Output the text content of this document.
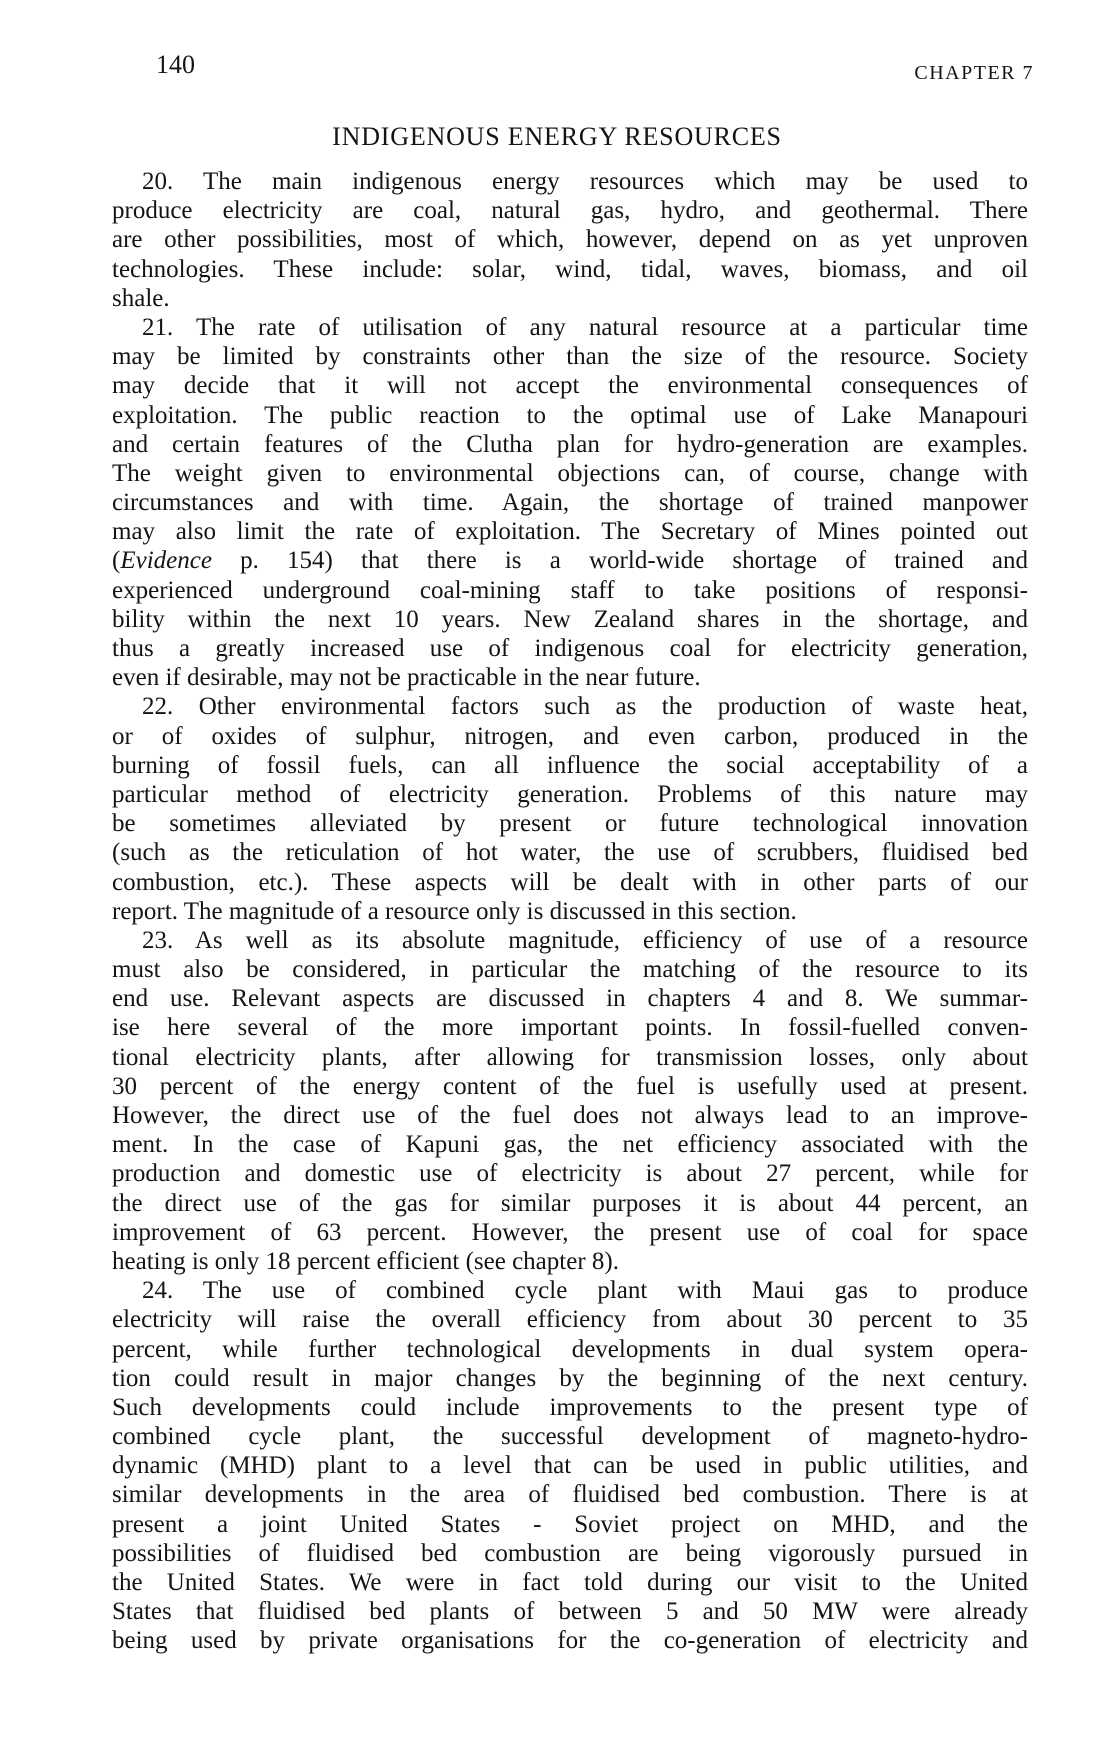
140	CHAPTER 7
INDIGENOUS ENERGY RESOURCES
20. The main indigenous energy resources which may be used to
produce electricity are coal, natural gas, hydro, and geothermal. There
are other possibilities, most of which, however, depend on as yet unproven
technologies. These include: solar, wind, tidal, waves, biomass, and oil
shale.
21. The rate of utilisation of any natural resource at a particular time
may be limited by constraints other than the size of the resource. Society
may decide that it will not accept the environmental consequences of
exploitation. The public reaction to the optimal use of Lake Manapouri
and certain features of the Clutha plan for hydro-generation are examples.
The weight given to environmental objections can, of course, change with
circumstances and with time. Again, the shortage of trained manpower
may also limit the rate of exploitation. The Secretary of Mines pointed out
(Evidence p. 154) that there is a world-wide shortage of trained and
experienced underground coal-mining staff to take positions of responsi-
bility within the next 10 years. New Zealand shares in the shortage, and
thus a greatly increased use of indigenous coal for electricity generation,
even if desirable, may not be practicable in the near future.
22. Other environmental factors such as the production of waste heat,
or of oxides of sulphur, nitrogen, and even carbon, produced in the
burning of fossil fuels, can all influence the social acceptability of a
particular method of electricity generation. Problems of this nature may
be sometimes alleviated by present or future technological innovation
(such as the reticulation of hot water, the use of scrubbers, fluidised bed
combustion, etc.). These aspects will be dealt with in other parts of our
report. The magnitude of a resource only is discussed in this section.
23. As well as its absolute magnitude, efficiency of use of a resource
must also be considered, in particular the matching of the resource to its
end use. Relevant aspects are discussed in chapters 4 and 8. We summar-
ise here several of the more important points. In fossil-fuelled conven-
tional electricity plants, after allowing for transmission losses, only about
30 percent of the energy content of the fuel is usefully used at present.
However, the direct use of the fuel does not always lead to an improve-
ment. In the case of Kapuni gas, the net efficiency associated with the
production and domestic use of electricity is about 27 percent, while for
the direct use of the gas for similar purposes it is about 44 percent, an
improvement of 63 percent. However, the present use of coal for space
heating is only 18 percent efficient (see chapter 8).
24. The use of combined cycle plant with Maui gas to produce
electricity will raise the overall efficiency from about 30 percent to 35
percent, while further technological developments in dual system opera-
tion could result in major changes by the beginning of the next century.
Such developments could include improvements to the present type of
combined cycle plant, the successful development of magneto-hydro-
dynamic (MHD) plant to a level that can be used in public utilities, and
similar developments in the area of fluidised bed combustion. There is at
present a joint United States - Soviet project on MHD, and the
possibilities of fluidised bed combustion are being vigorously pursued in
the United States. We were in fact told during our visit to the United
States that fluidised bed plants of between 5 and 50 MW were already
being used by private organisations for the co-generation of electricity and
